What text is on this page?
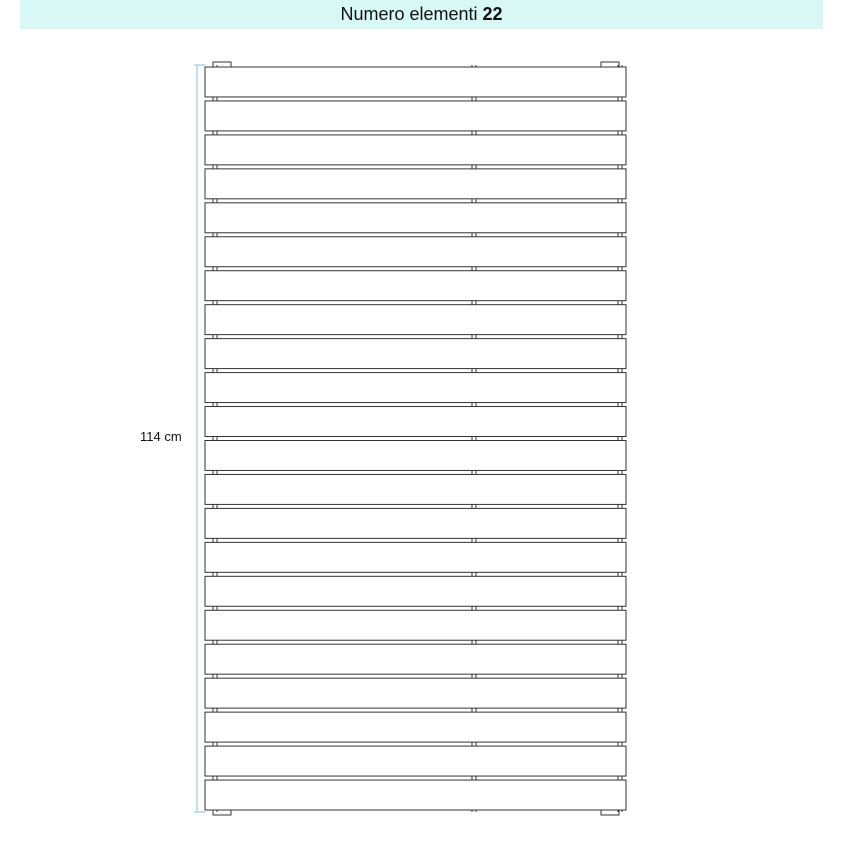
Numero elementi 22
114 cm
